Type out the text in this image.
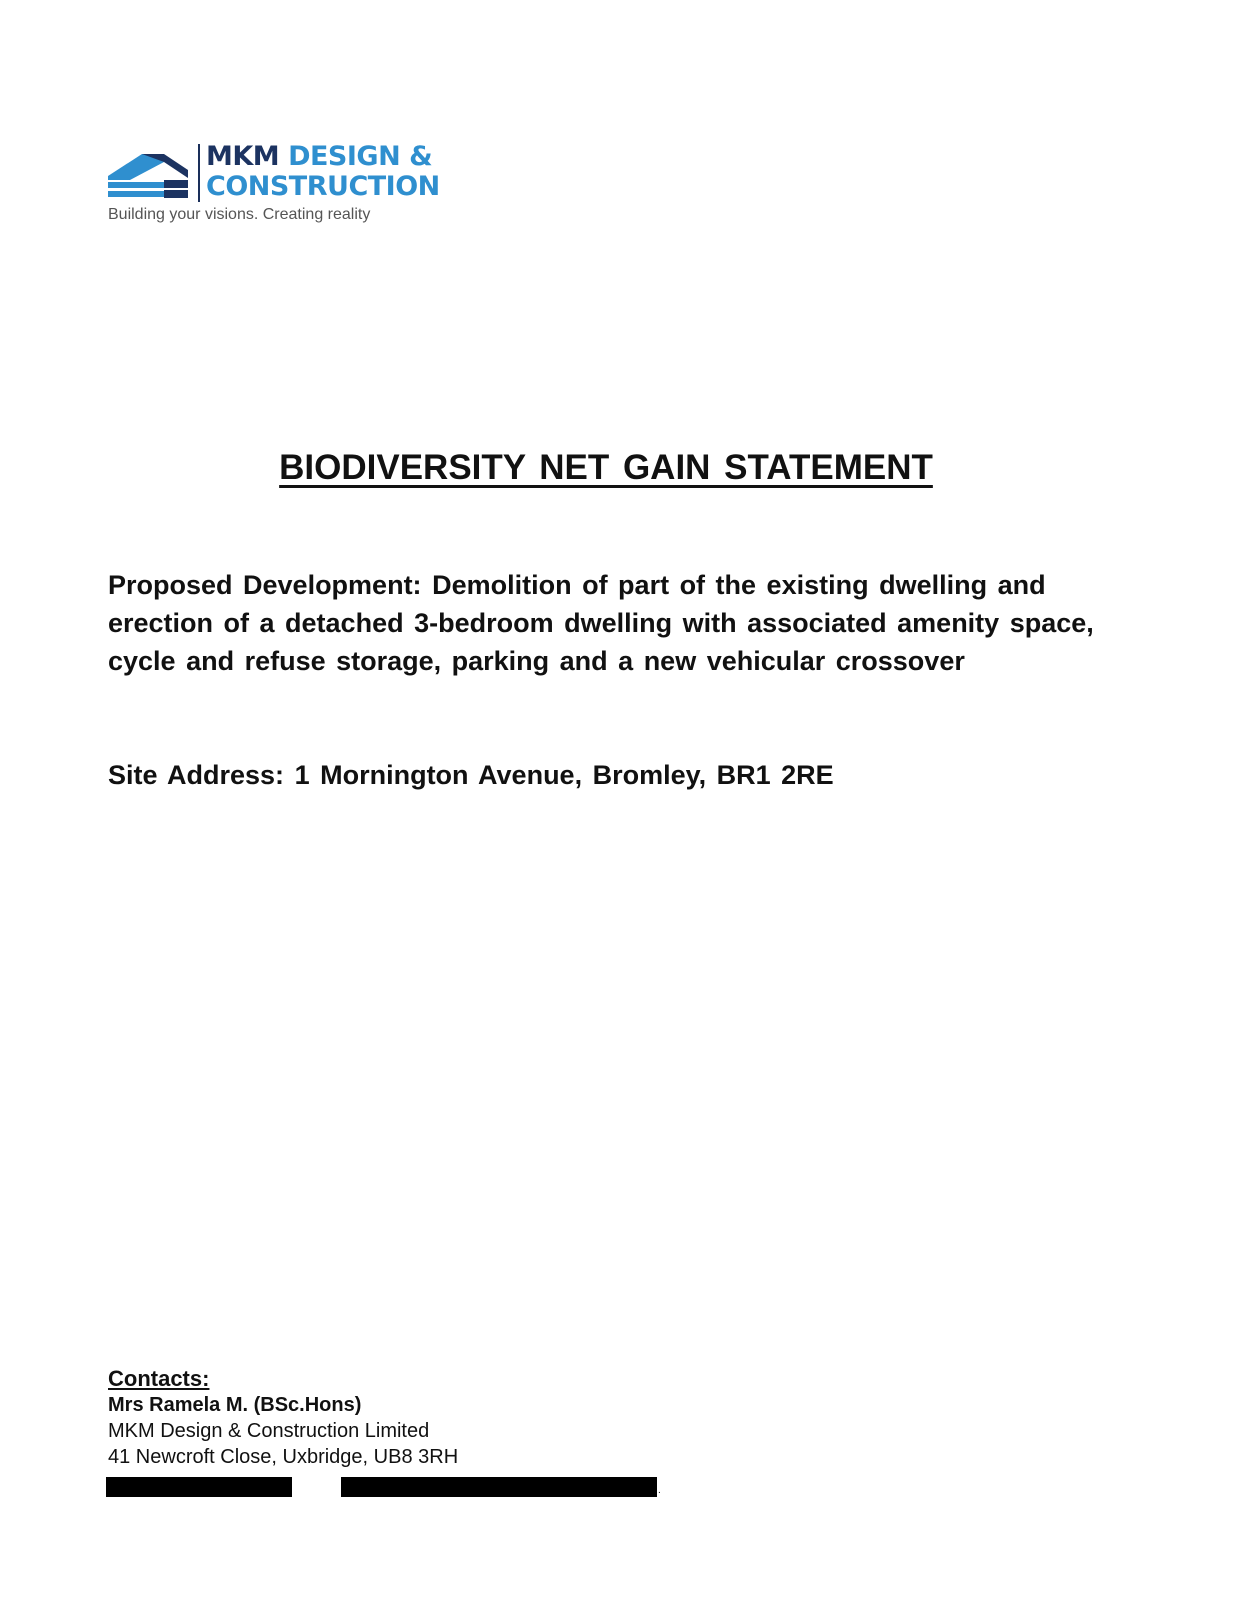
MKM DESIGN &
CONSTRUCTION
Building your visions. Creating reality
BIODIVERSITY NET GAIN STATEMENT

Proposed Development: Demolition of part of the existing dwelling and erection of a detached 3-bedroom dwelling with associated amenity space, cycle and refuse storage, parking and a new vehicular crossover

Site Address: 1 Mornington Avenue, Bromley, BR1 2RE

Contacts:
Mrs Ramela M. (BSc.Hons)
MKM Design & Construction Limited
41 Newcroft Close, Uxbridge, UB8 3RH
.
